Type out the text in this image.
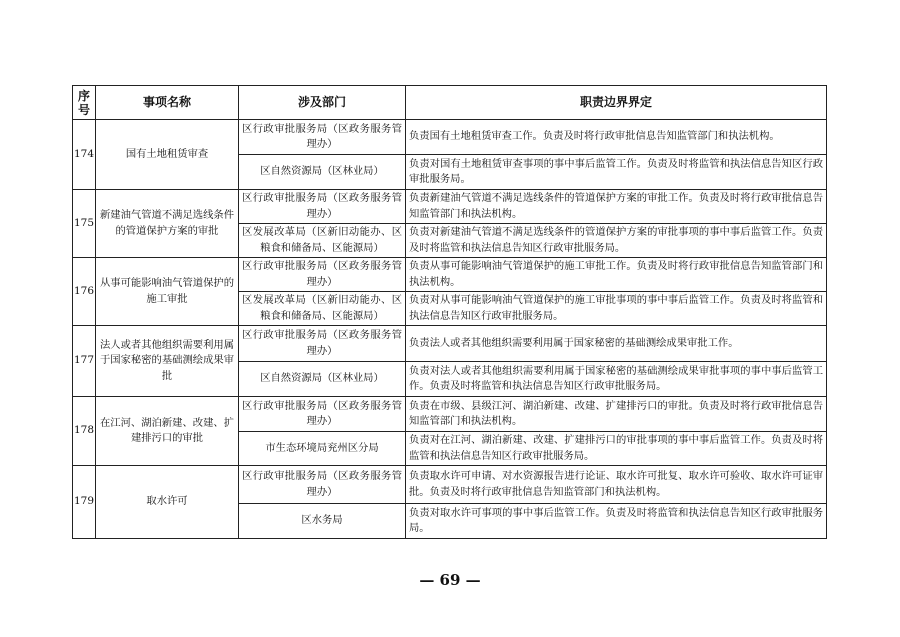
序号	事项名称	涉及部门	职责边界界定
174	国有土地租赁审查	区行政审批服务局（区政务服务管理办）	负责国有土地租赁审查工作。负责及时将行政审批信息告知监管部门和执法机构。
		区自然资源局（区林业局）	负责对国有土地租赁审查事项的事中事后监管工作。负责及时将监管和执法信息告知区行政审批服务局。
175	新建油气管道不满足选线条件的管道保护方案的审批	区行政审批服务局（区政务服务管理办）	负责新建油气管道不满足选线条件的管道保护方案的审批工作。负责及时将行政审批信息告知监管部门和执法机构。
		区发展改革局（区新旧动能办、区粮食和储备局、区能源局）	负责对新建油气管道不满足选线条件的管道保护方案的审批事项的事中事后监管工作。负责及时将监管和执法信息告知区行政审批服务局。
176	从事可能影响油气管道保护的施工审批	区行政审批服务局（区政务服务管理办）	负责从事可能影响油气管道保护的施工审批工作。负责及时将行政审批信息告知监管部门和执法机构。
		区发展改革局（区新旧动能办、区粮食和储备局、区能源局）	负责对从事可能影响油气管道保护的施工审批事项的事中事后监管工作。负责及时将监管和执法信息告知区行政审批服务局。
177	法人或者其他组织需要利用属于国家秘密的基础测绘成果审批	区行政审批服务局（区政务服务管理办）	负责法人或者其他组织需要利用属于国家秘密的基础测绘成果审批工作。
		区自然资源局（区林业局）	负责对法人或者其他组织需要利用属于国家秘密的基础测绘成果审批事项的事中事后监管工作。负责及时将监管和执法信息告知区行政审批服务局。
178	在江河、湖泊新建、改建、扩建排污口的审批	区行政审批服务局（区政务服务管理办）	负责在市级、县级江河、湖泊新建、改建、扩建排污口的审批。负责及时将行政审批信息告知监管部门和执法机构。
		市生态环境局兖州区分局	负责对在江河、湖泊新建、改建、扩建排污口的审批事项的事中事后监管工作。负责及时将监管和执法信息告知区行政审批服务局。
179	取水许可	区行政审批服务局（区政务服务管理办）	负责取水许可申请、对水资源报告进行论证、取水许可批复、取水许可验收、取水许可证审批。负责及时将行政审批信息告知监管部门和执法机构。
		区水务局	负责对取水许可事项的事中事后监管工作。负责及时将监管和执法信息告知区行政审批服务局。
— 69 —
